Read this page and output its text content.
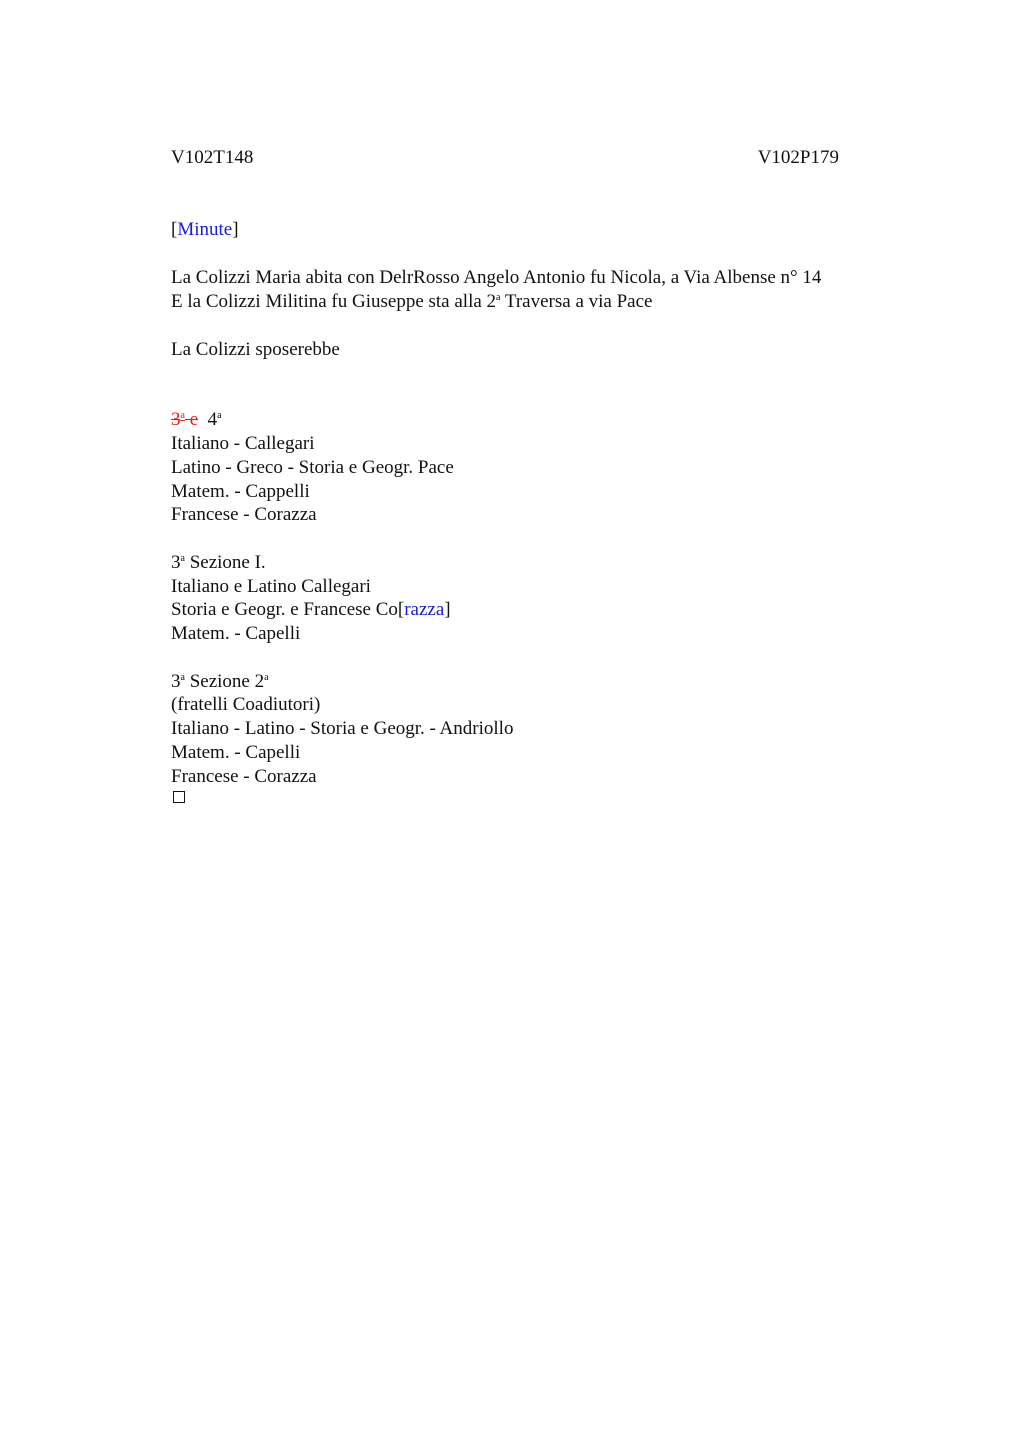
V102T148	V102P179
[Minute]
La Colizzi Maria abita con DelrRosso Angelo Antonio fu Nicola, a Via Albense n° 14
E la Colizzi Militina fu Giuseppe sta alla 2$^a$ Traversa a via Pace
La Colizzi sposerebbe
3$^a$ e 4$^a$
Italiano - Callegari
Latino - Greco - Storia e Geogr. Pace
Matem. - Cappelli
Francese - Corazza
3$^a$ Sezione I.
Italiano e Latino Callegari
Storia e Geogr. e Francese Co[razza]
Matem. - Capelli
3$^a$ Sezione 2$^a$
(fratelli Coadiutori)
Italiano - Latino - Storia e Geogr. - Andriollo
Matem. - Capelli
Francese - Corazza
